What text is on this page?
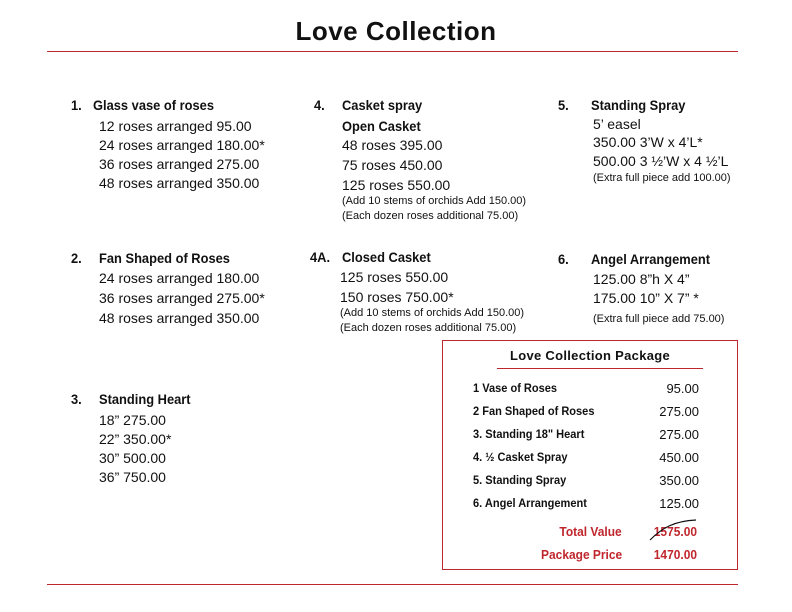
Love Collection
1. Glass vase of roses
12 roses arranged 95.00
24 roses arranged 180.00*
36 roses arranged 275.00
48 roses arranged 350.00
2. Fan Shaped of Roses
24 roses arranged 180.00
36 roses arranged 275.00*
48 roses arranged 350.00
3. Standing Heart
18” 275.00
22” 350.00*
30” 500.00
36” 750.00
4. Casket spray
Open Casket
48 roses 395.00
75 roses 450.00
125 roses 550.00
(Add 10 stems of orchids Add 150.00)
(Each dozen roses additional 75.00)
4A. Closed Casket
125 roses 550.00
150 roses 750.00*
(Add 10 stems of orchids Add 150.00)
(Each dozen roses additional 75.00)
5. Standing Spray
5’ easel
350.00 3’W x 4’L*
500.00 3 ½’W x 4 ½’L
(Extra full piece add 100.00)
6. Angel Arrangement
125.00 8”h X 4”
175.00 10” X 7” *
(Extra full piece add 75.00)
Love Collection Package
1 Vase of Roses	95.00
2 Fan Shaped of Roses	275.00
3. Standing 18" Heart	275.00
4. ½ Casket Spray	450.00
5. Standing Spray	350.00
6. Angel Arrangement	125.00
Total Value 1575.00
Package Price 1470.00
